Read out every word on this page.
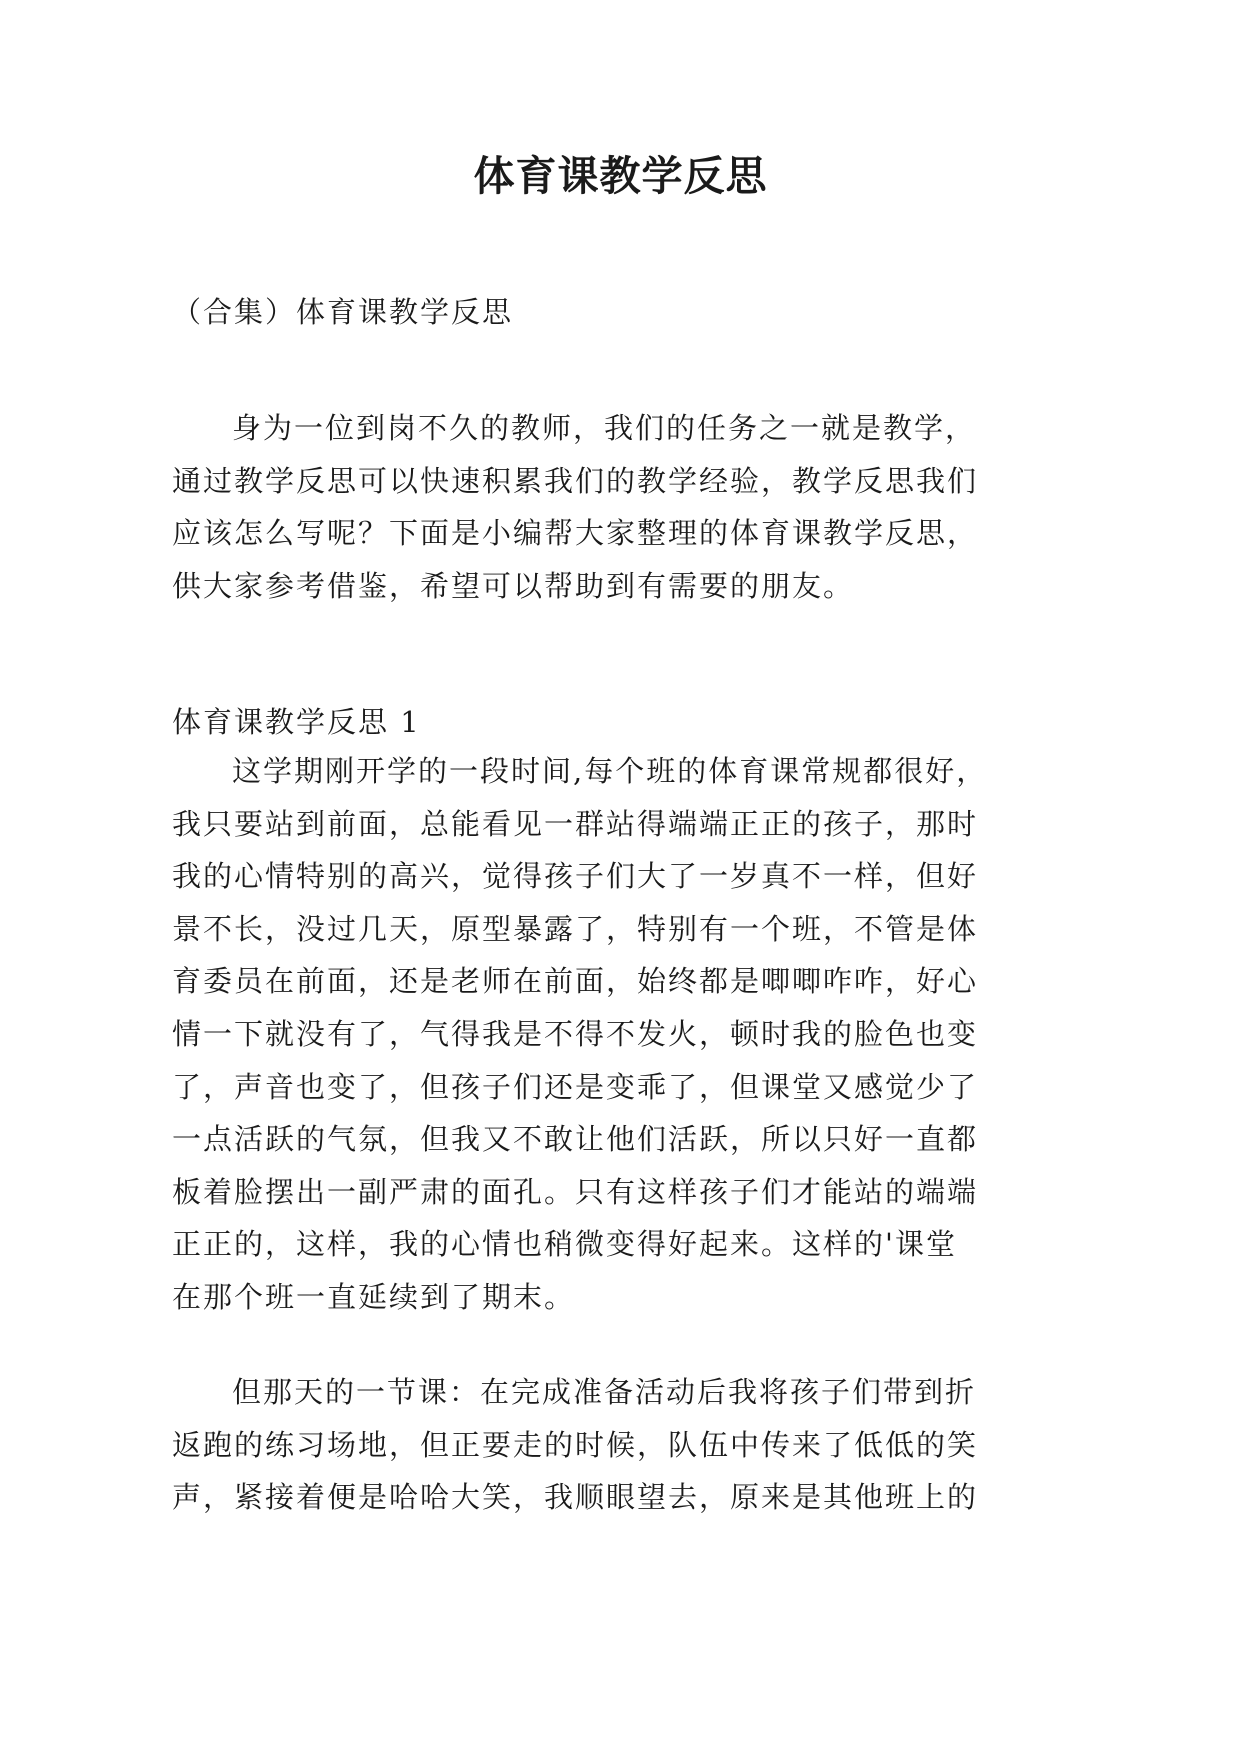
体育课教学反思

（合集）体育课教学反思

身为一位到岗不久的教师，我们的任务之一就是教学，
通过教学反思可以快速积累我们的教学经验，教学反思我们
应该怎么写呢？下面是小编帮大家整理的体育课教学反思，
供大家参考借鉴，希望可以帮助到有需要的朋友。

体育课教学反思 1

这学期刚开学的一段时间,每个班的体育课常规都很好，
我只要站到前面，总能看见一群站得端端正正的孩子，那时
我的心情特别的高兴，觉得孩子们大了一岁真不一样，但好
景不长，没过几天，原型暴露了，特别有一个班，不管是体
育委员在前面，还是老师在前面，始终都是唧唧咋咋，好心
情一下就没有了，气得我是不得不发火，顿时我的脸色也变
了，声音也变了，但孩子们还是变乖了，但课堂又感觉少了
一点活跃的气氛，但我又不敢让他们活跃，所以只好一直都
板着脸摆出一副严肃的面孔。只有这样孩子们才能站的端端
正正的，这样，我的心情也稍微变得好起来。这样的'课堂
在那个班一直延续到了期末。
但那天的一节课：在完成准备活动后我将孩子们带到折
返跑的练习场地，但正要走的时候，队伍中传来了低低的笑
声，紧接着便是哈哈大笑，我顺眼望去，原来是其他班上的
